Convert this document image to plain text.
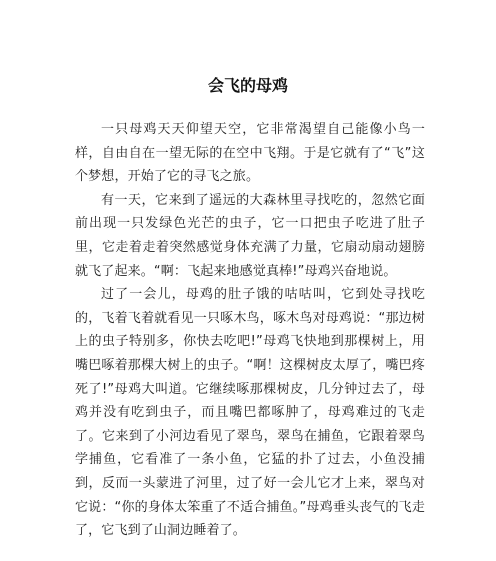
会飞的母鸡

一只母鸡天天仰望天空，它非常渴望自己能像小鸟一样，自由自在一望无际的在空中飞翔。于是它就有了“飞”这个梦想，开始了它的寻飞之旅。

有一天，它来到了遥远的大森林里寻找吃的，忽然它面前出现一只发绿色光芒的虫子，它一口把虫子吃进了肚子里，它走着走着突然感觉身体充满了力量，它扇动扇动翅膀就飞了起来。“啊：飞起来地感觉真棒!”母鸡兴奋地说。

过了一会儿，母鸡的肚子饿的咕咕叫，它到处寻找吃的，飞着飞着就看见一只啄木鸟，啄木鸟对母鸡说：“那边树上的虫子特别多，你快去吃吧!”母鸡飞快地到那棵树上，用嘴巴啄着那棵大树上的虫子。“啊！这棵树皮太厚了，嘴巴疼死了!”母鸡大叫道。它继续啄那棵树皮，几分钟过去了，母鸡并没有吃到虫子，而且嘴巴都啄肿了，母鸡难过的飞走了。它来到了小河边看见了翠鸟，翠鸟在捕鱼，它跟着翠鸟学捕鱼，它看准了一条小鱼，它猛的扑了过去，小鱼没捕到，反而一头蒙进了河里，过了好一会儿它才上来，翠鸟对它说：“你的身体太笨重了不适合捕鱼。”母鸡垂头丧气的飞走了，它飞到了山洞边睡着了。
